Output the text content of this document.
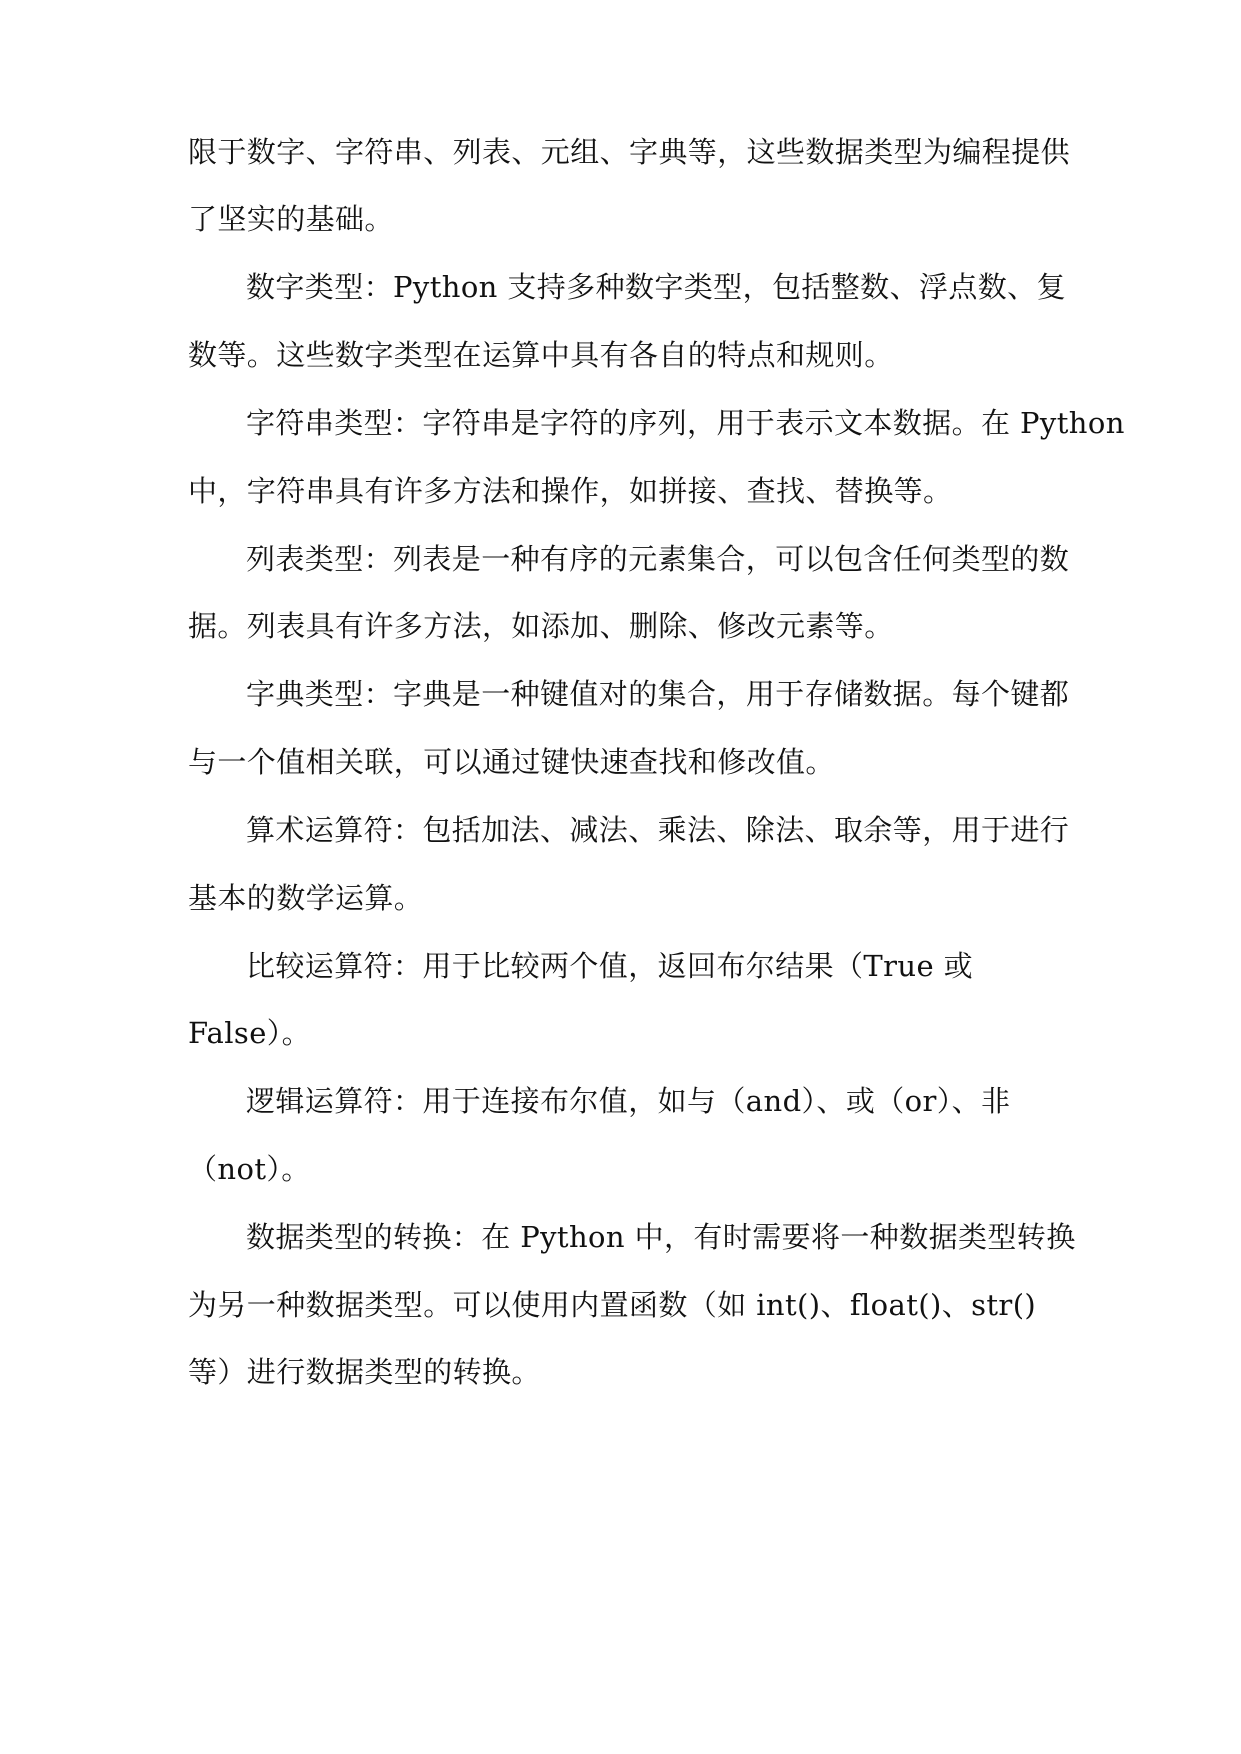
限于数字、字符串、列表、元组、字典等，这些数据类型为编程提供
了坚实的基础。
数字类型：Python 支持多种数字类型，包括整数、浮点数、复
数等。这些数字类型在运算中具有各自的特点和规则。
字符串类型：字符串是字符的序列，用于表示文本数据。在 Python
中，字符串具有许多方法和操作，如拼接、查找、替换等。
列表类型：列表是一种有序的元素集合，可以包含任何类型的数
据。列表具有许多方法，如添加、删除、修改元素等。
字典类型：字典是一种键值对的集合，用于存储数据。每个键都
与一个值相关联，可以通过键快速查找和修改值。
算术运算符：包括加法、减法、乘法、除法、取余等，用于进行
基本的数学运算。
比较运算符：用于比较两个值，返回布尔结果（True 或
False）。
逻辑运算符：用于连接布尔值，如与（and）、或（or）、非
（not）。
数据类型的转换：在 Python 中，有时需要将一种数据类型转换
为另一种数据类型。可以使用内置函数（如 int()、float()、str()
等）进行数据类型的转换。
